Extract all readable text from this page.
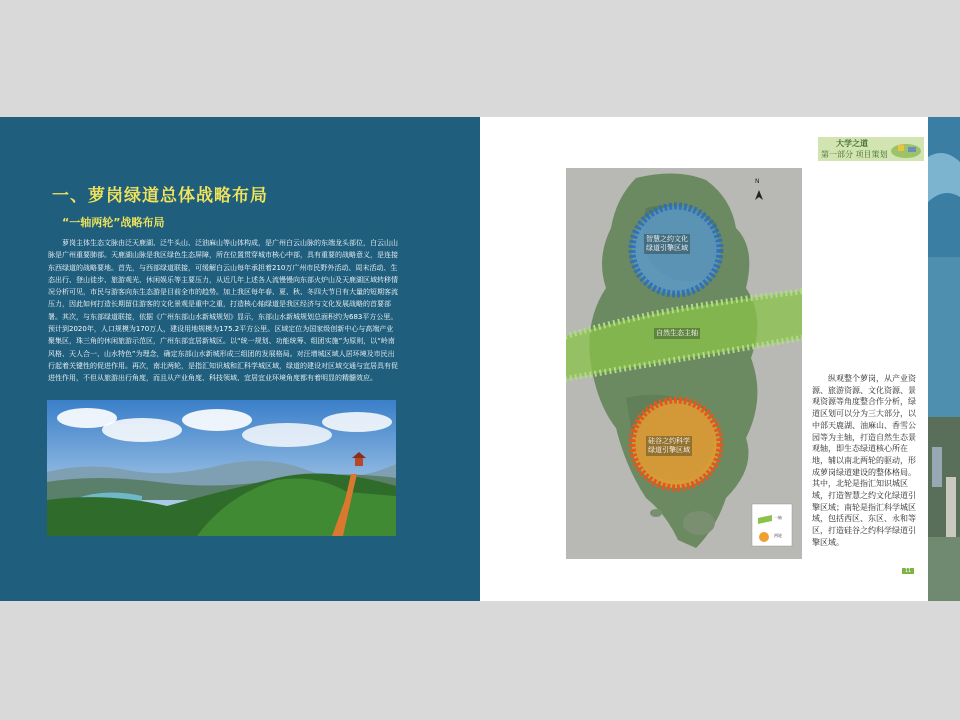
一、萝岗绿道总体战略布局
“一轴两轮”战略布局

萝岗主体生态文脉由泛天鹿湖、泛牛头山、泛油麻山等山体构成，是广州白云山脉的东端龙头部位，白云山山脉是广州重要肺部。天鹿湖山脉是我区绿色生态屏障，所在位置贯穿城市核心中部，具有重要的战略意义，是连接东西绿道的战略要地。首先，与西部绿道联接，可缓解白云山每年承担着210万广州市民野外活动、周末活动、生态出行、登山徒步、旅游观光、休闲娱乐等主要压力，从近几年上述各人流慢慢向东部火炉山及天鹿湖区域转移情况分析可见，市民与游客向东生态游是目前全市的趋势。加上我区每年春、夏、秋、冬四大节日有大量的短期客流压力，因此如何打造长期留住游客的文化景观是重中之重，打造核心轴绿道是我区经济与文化发展战略的首要部署。其次，与东部绿道联接，依据《广州东部山水新城规划》显示，东部山水新城规划总面积约为683平方公里。预计到2020年，人口规模为170万人，建设用地规模为175.2平方公里。区域定位为国家级创新中心与高端产业聚集区，珠三角的休闲旅游示范区，广州东部宜居新城区。以“统一规划、功能统筹、组团实施”为原则，以“岭南风格、天人合一、山水特色”为理念，确定东部山水新城形成三组团的发展格局。对汪增城区域人居环境及市民出行起着关键性的促进作用。再次，南北两轮，是指汇知识城和汇科学城区域，绿道的建设对区域交通与宜居具有促进性作用，不但从旅游出行角度，而且从产业角度、科技领域、宜居宜业环境角度都有着明显的精髓效应。

大学之道
第一部分 项目策划
智慧之约文化
绿道引擎区域
自然生态主轴
硅谷之约科学
绿道引擎区域
N
一轴
两轮

纵观整个萝岗，从产业资源、旅游资源、文化资源、景观资源等角度整合作分析，绿道区划可以分为三大部分，以中部天鹿湖、油麻山、香雪公园等为主轴，打造自然生态景观轴，即生态绿道核心所在地，辅以南北两轮的驱动，形成萝岗绿道建设的整体格局。其中，北轮是指汇知识城区域，打造智慧之约文化绿道引擎区域；南轮是指汇科学城区域，包括西区、东区、永和等区，打造硅谷之约科学绿道引擎区域。

11
